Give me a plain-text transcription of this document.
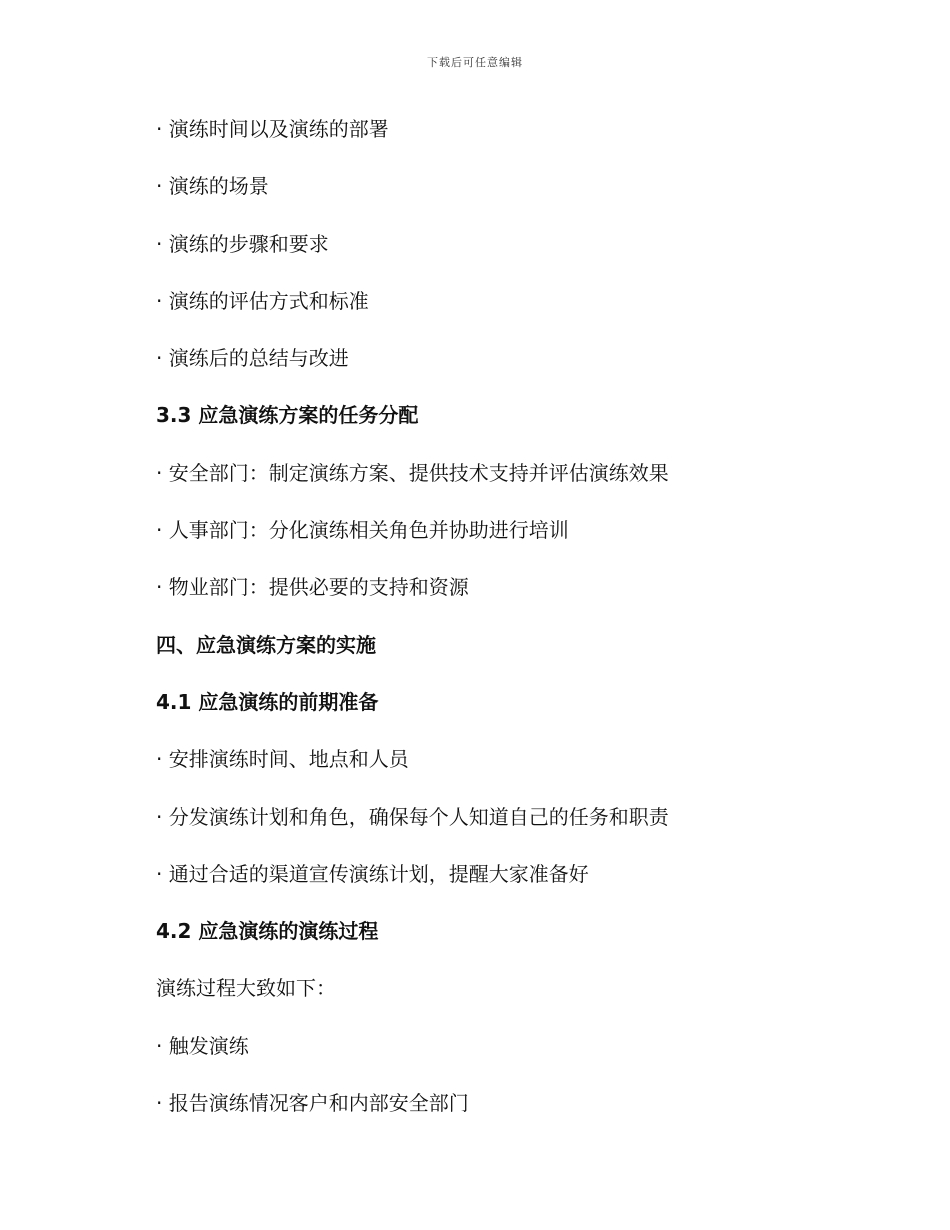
下载后可任意编辑
· 演练时间以及演练的部署
· 演练的场景
· 演练的步骤和要求
· 演练的评估方式和标准
· 演练后的总结与改进
3.3 应急演练方案的任务分配
· 安全部门：制定演练方案、提供技术支持并评估演练效果
· 人事部门：分化演练相关角色并协助进行培训
· 物业部门：提供必要的支持和资源
四、应急演练方案的实施
4.1 应急演练的前期准备
· 安排演练时间、地点和人员
· 分发演练计划和角色，确保每个人知道自己的任务和职责
· 通过合适的渠道宣传演练计划，提醒大家准备好
4.2 应急演练的演练过程
演练过程大致如下：
· 触发演练
· 报告演练情况客户和内部安全部门
